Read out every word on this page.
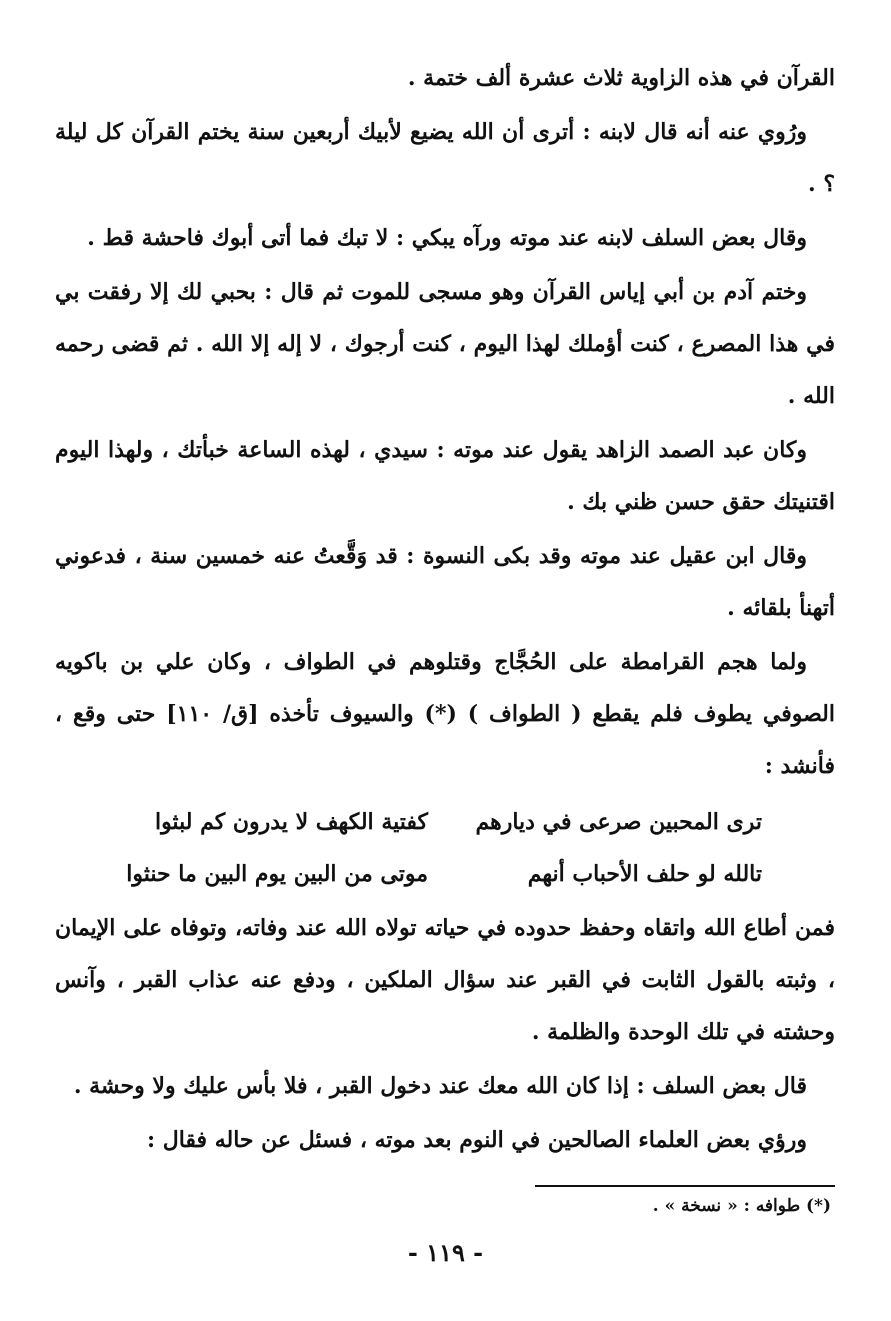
القرآن في هذه الزاوية ثلاث عشرة ألف ختمة .

ورُوي عنه أنه قال لابنه : أترى أن الله يضيع لأبيك أربعين سنة يختم القرآن كل ليلة ؟ .

وقال بعض السلف لابنه عند موته ورآه يبكي : لا تبك فما أتى أبوك فاحشة قط .

وختم آدم بن أبي إياس القرآن وهو مسجى للموت ثم قال : بحبي لك إلا رفقت بي في هذا المصرع ، كنت أؤملك لهذا اليوم ، كنت أرجوك ، لا إله إلا الله . ثم قضى رحمه الله .

وكان عبد الصمد الزاهد يقول عند موته : سيدي ، لهذه الساعة خبأتك ، ولهذا اليوم اقتنيتك حقق حسن ظني بك .

وقال ابن عقيل عند موته وقد بكى النسوة : قد وَقَّعتُ عنه خمسين سنة ، فدعوني أتهنأ بلقائه .

ولما هجم القرامطة على الحُجَّاج وقتلوهم في الطواف ، وكان علي بن باكويه الصوفي يطوف فلم يقطع ( الطواف ) (*) والسيوف تأخذه [ق/ ١١٠] حتى وقع ، فأنشد :

ترى المحبين صرعى في ديارهم
كفتية الكهف لا يدرون كم لبثوا
تالله لو حلف الأحباب أنهم
موتى من البين يوم البين ما حنثوا

فمن أطاع الله واتقاه وحفظ حدوده في حياته تولاه الله عند وفاته، وتوفاه على الإيمان ، وثبته بالقول الثابت في القبر عند سؤال الملكين ، ودفع عنه عذاب القبر ، وآنس وحشته في تلك الوحدة والظلمة .

قال بعض السلف : إذا كان الله معك عند دخول القبر ، فلا بأس عليك ولا وحشة .

ورؤي بعض العلماء الصالحين في النوم بعد موته ، فسئل عن حاله فقال :

(*) طوافه : « نسخة » .
- ١١٩ -
